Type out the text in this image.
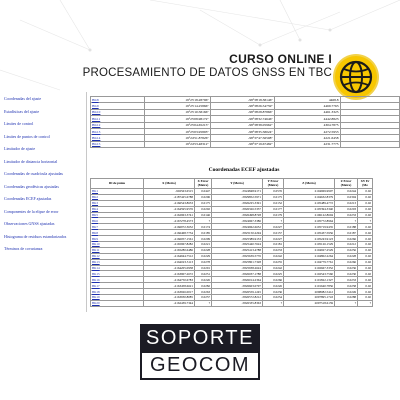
CURSO ONLINE I
PROCESAMIENTO DE DATOS GNSS EN TBC
Coordenadas del ajuste
Estadísticas del ajuste
Límites de control
Límites de puntos de control
Limitador de ajuste
Limitador de distancia horizontal
Coordenadas de cuadrícula ajustadas
Coordenadas geodésicas ajustadas
Coordenadas ECEF ajustadas
Componentes de la elipse de error
Observaciones GNSS ajustadas
Histograma de residuos estandarizados
Términos de covarianza
BK8	19°25'18.28796"	-98°38'18.38146"	4468.8	
BK9	19°25'14.25866"	-98°38'26.54759"	4469.7763	
BK10	19°25'10.58166"	-98°38'28.87866"	4461.3325	
BK11	19°25'08.98172"	-98°38'32.74646"	4442.8823	
BK12	19°25'04.65215"	-98°38'38.05962"	4304.7875	
BK13	19°25'03.95893"	-98°38'35.58024"	4272.5953	
BK14	19°24'51.87826"	-98°37'47.56508"	4221.6458	
BK15	19°24'53.48312"	-98°37'19.67482"	4231.7775	
Coordenadas ECEF ajustadas
ID de punto	X (Metro)	X Error (Metro)	Y (Metro)	Y Error (Metro)	Z (Metro)	Z Error (Metro)	XY Er (Me
BK1	-902563.6515	0.0447	-5924848.9171	0.0576	2104969.9907	0.0244	0.02
BK2	-2187425.6788	0.0206	-5829852.5971	0.0175	2104632.8379	0.0304	0.02
BK3	-2166543.8633	0.0175	-5826225.3391	0.0152	2105489.4772	0.0213	0.02
BK4	-2164595.9576	0.0202	-5826326.5337	0.0177	2105394.3340	0.0203	0.02
BK5	-2162963.3741	0.0146	-5826498.8728	0.0179	2106122.8604	0.0233	0.02
BK6	-2167278.4573	?	-5824967.3386	?	2105772.8964	?	?
BK7	-2166972.3652	0.0174	-5824962.6652	0.0227	2105719.9435	0.0188	0.02
BK8	-2166468.7734	0.0185	-5825150.2294	0.0157	2105437.5956	0.0187	0.02
BK9	-2166057.1561	0.0209	-5825389.9133	0.0227	2105243.9123	0.0266	0.02
BK10	-2165967.8282	0.0221	-5825440.7624	0.0181	2105126.1529	0.0212	0.02
BK11	-2165280.6486	0.0228	-5825413.4788	0.0233	2104927.2529	0.0256	0.02
BK12	-2164944.7512	0.0229	-5825639.5776	0.0242	2104802.2264	0.0228	0.02
BK13	-2164023.3113	0.0278	-5825801.7328	0.0255	2104779.7761	0.0266	0.02
BK14	-2164205.0938	0.0291	-5825938.2624	0.0242	2102667.3352	0.0236	0.02
BK15	-2163907.2672	0.0251	-5826037.1788	0.0225	2102543.7560	0.0230	0.02
BK16	-2164750.6783	0.0226	-5826014.2364	0.0266	2101822.1327	0.0233	0.02
BK17	-2163458.6621	0.0282	-5826603.0707	0.0226	2101640.7856	0.0258	0.02
BK18	-2163926.0017	0.0263	-5826559.1245	0.0236	2098082.5412	0.0249	0.02
BK19	-2163930.8085	0.0257	-5826572.8212	0.0254	2097895.1743	0.0288	0.02
BK20	-2162439.7344	?	-5826335.8363	?	2097518.6159	?	?
SOPORTE
GEOCOM
